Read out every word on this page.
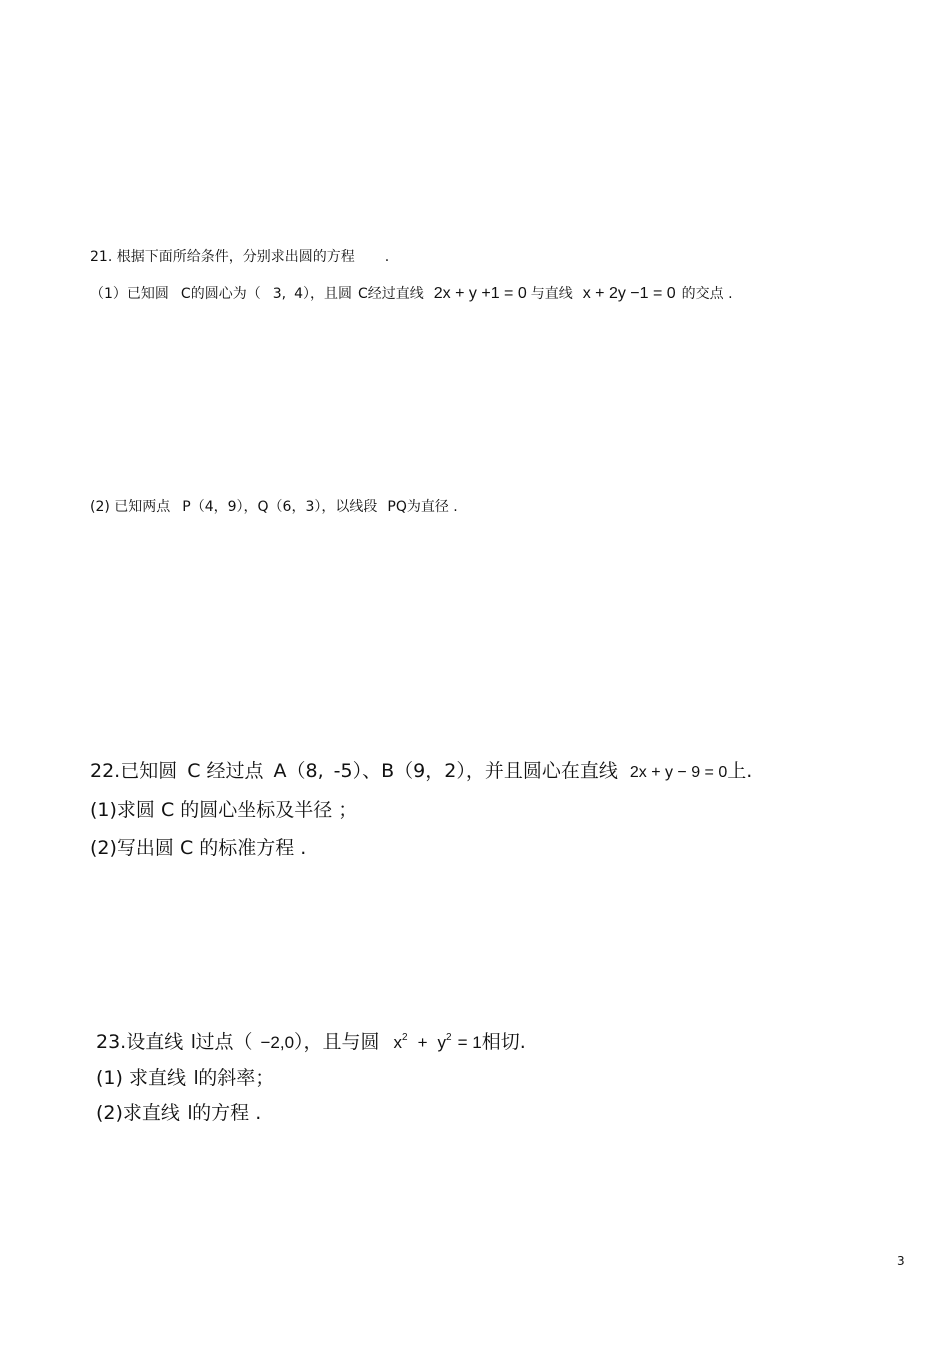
21. 根据下面所给条件，分别求出圆的方程 .
（1）已知圆 C的圆心为（ 3, 4），且圆 C经过直线 2x + y +1 = 0 与直线 x + 2y −1 = 0 的交点 .
(2) 已知两点 P（4，9），Q（6，3），以线段 PQ为直径 .
22.已知圆 C 经过点 A（8, -5）、B（9，2），并且圆心在直线 2x + y − 9 = 0上.
(1)求圆 C 的圆心坐标及半径 ；
(2)写出圆 C 的标准方程 .
23.设直线 l过点（ −2,0），且与圆 $x^2 + y^2 = 1$相切.
(1) 求直线 l的斜率；
(2)求直线 l的方程 .
3
